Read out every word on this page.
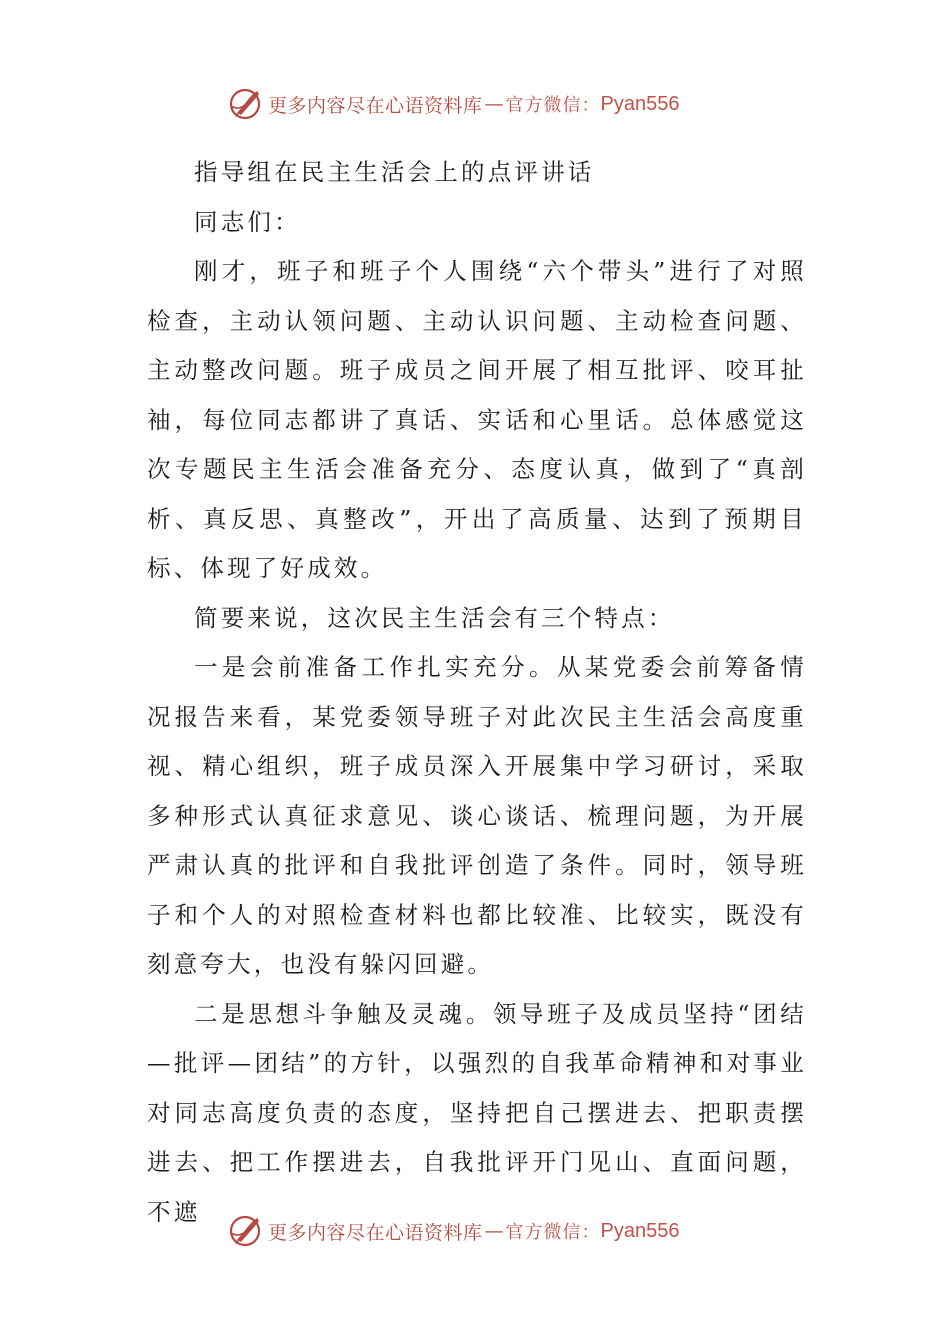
更多内容尽在心语资料库 — 官方微信： Pyan556

指导组在民主生活会上的点评讲话

同志们：

刚才，班子和班子个人围绕“六个带头”进行了对照检查，主动认领问题、主动认识问题、主动检查问题、主动整改问题。班子成员之间开展了相互批评、咬耳扯袖，每位同志都讲了真话、实话和心里话。总体感觉这次专题民主生活会准备充分、态度认真，做到了“真剖析、真反思、真整改”，开出了高质量、达到了预期目标、体现了好成效。

简要来说，这次民主生活会有三个特点：

一是会前准备工作扎实充分。从某党委会前筹备情况报告来看，某党委领导班子对此次民主生活会高度重视、精心组织，班子成员深入开展集中学习研讨，采取多种形式认真征求意见、谈心谈话、梳理问题，为开展严肃认真的批评和自我批评创造了条件。同时，领导班子和个人的对照检查材料也都比较准、比较实，既没有刻意夸大，也没有躲闪回避。

二是思想斗争触及灵魂。领导班子及成员坚持“团结—批评—团结”的方针，以强烈的自我革命精神和对事业对同志高度负责的态度，坚持把自己摆进去、把职责摆进去、把工作摆进去，自我批评开门见山、直面问题，不遮

更多内容尽在心语资料库 — 官方微信： Pyan556
